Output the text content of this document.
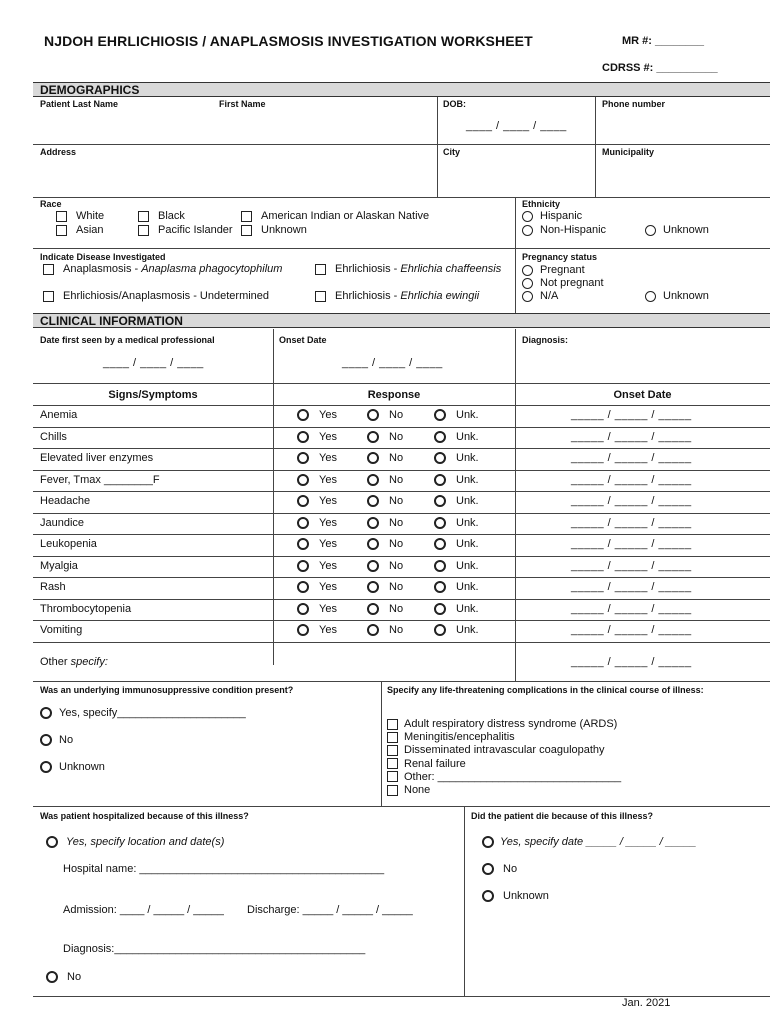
NJDOH EHRLICHIOSIS / ANAPLASMOSIS INVESTIGATION WORKSHEET	MR #: ________
CDRSS #: __________
DEMOGRAPHICS
Patient Last Name	First Name	DOB:
____ / ____ / ____
Phone number
Address	City	Municipality
Race
White
Asian
Black
Pacific Islander
American Indian or Alaskan Native
Unknown
Ethnicity
Hispanic
Non-Hispanic	Unknown
Indicate Disease Investigated
Anaplasmosis - Anaplasma phagocytophilum	Ehrlichiosis - Ehrlichia chaffeensis
Ehrlichiosis/Anaplasmosis - Undetermined	Ehrlichiosis - Ehrlichia ewingii
Pregnancy status
Pregnant
Not pregnant
N/A	Unknown
CLINICAL INFORMATION
Date first seen by a medical professional	Onset Date	Diagnosis:
____ / ____ / ____	____ / ____ / ____
Signs/Symptoms	Response	Onset Date
Anemia	Yes	No	Unk.	_____ / _____ / _____
Chills	Yes	No	Unk.	_____ / _____ / _____
Elevated liver enzymes	Yes	No	Unk.	_____ / _____ / _____
Fever, Tmax ________F	Yes	No	Unk.	_____ / _____ / _____
Headache	Yes	No	Unk.	_____ / _____ / _____
Jaundice	Yes	No	Unk.	_____ / _____ / _____
Leukopenia	Yes	No	Unk.	_____ / _____ / _____
Myalgia	Yes	No	Unk.	_____ / _____ / _____
Rash	Yes	No	Unk.	_____ / _____ / _____
Thrombocytopenia	Yes	No	Unk.	_____ / _____ / _____
Vomiting	Yes	No	Unk.	_____ / _____ / _____
Other specify:	_____ / _____ / _____
Was an underlying immunosuppressive condition present?
Yes, specify_____________________
No
Unknown
Specify any life-threatening complications in the clinical course of illness:
Adult respiratory distress syndrome (ARDS)
Meningitis/encephalitis
Disseminated intravascular coagulopathy
Renal failure
Other: ______________________________
None
Was patient hospitalized because of this illness?
Yes, specify location and date(s)
Hospital name: ________________________________________
Admission: ____ / _____ / _____ Discharge: _____ / _____ / _____
Diagnosis:_________________________________________
No
Did the patient die because of this illness?
Yes, specify date _____ / _____ / _____
No
Unknown
Jan. 2021
